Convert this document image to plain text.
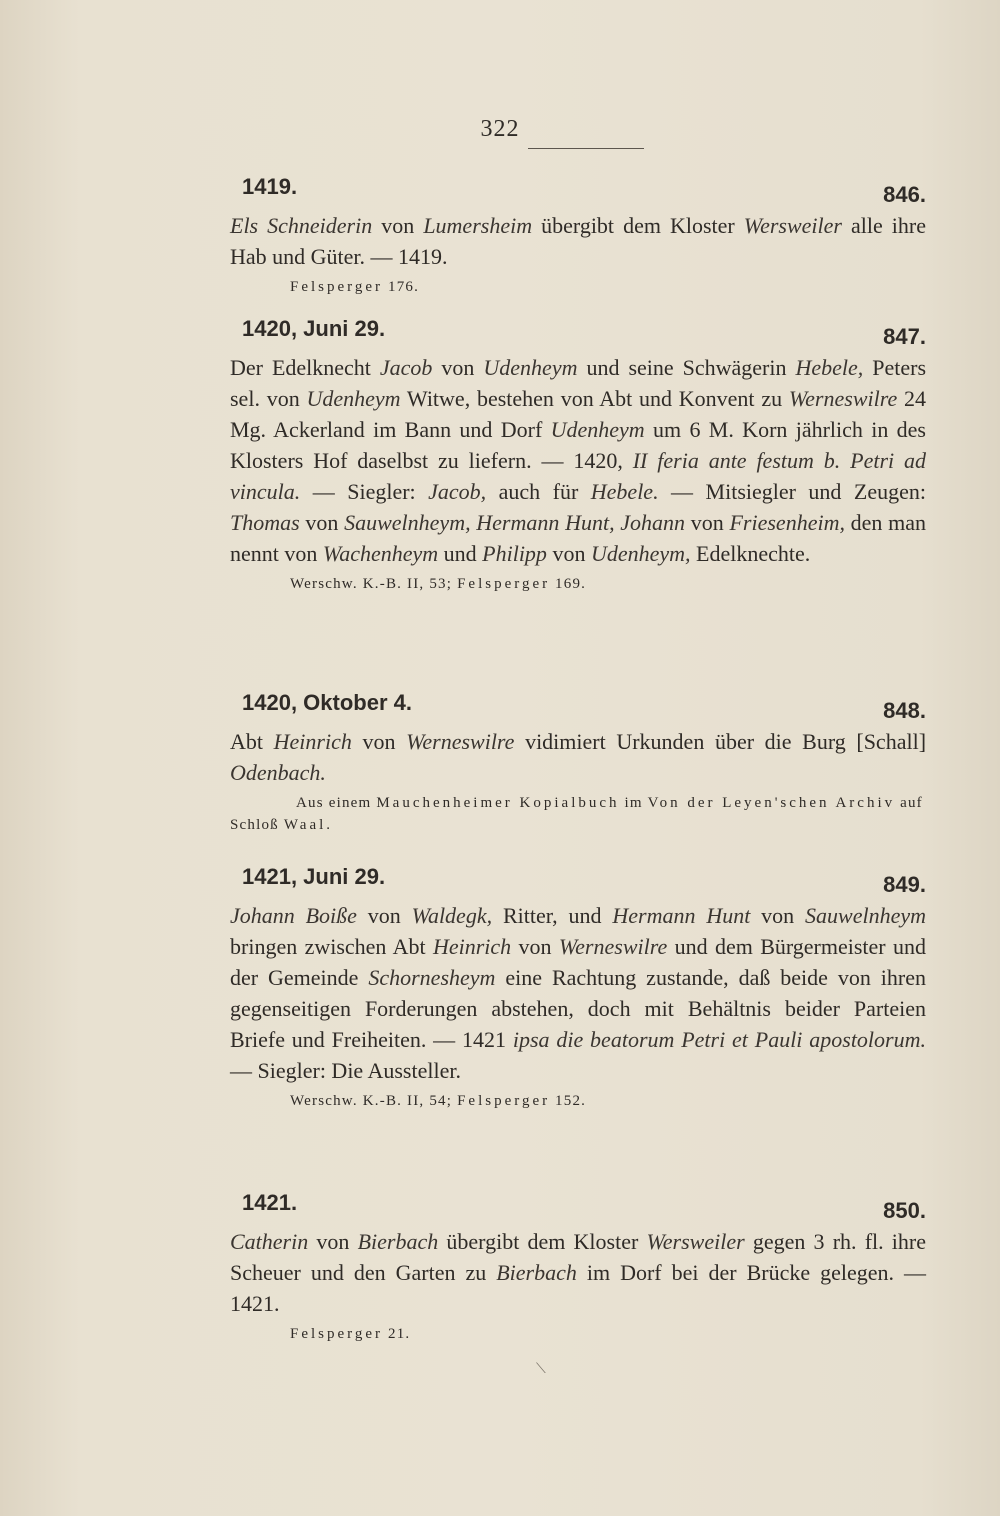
322
1419.	846.
Els Schneiderin von Lumersheim übergibt dem Kloster Wersweiler alle ihre Hab und Güter. — 1419.
Felsperger 176.
1420, Juni 29.	847.
Der Edelknecht Jacob von Udenheym und seine Schwägerin Hebele, Peters sel. von Udenheym Witwe, bestehen von Abt und Konvent zu Werneswilre 24 Mg. Ackerland im Bann und Dorf Udenheym um 6 M. Korn jährlich in des Klosters Hof daselbst zu liefern. — 1420, II feria ante festum b. Petri ad vincula. — Siegler: Jacob, auch für Hebele. — Mitsiegler und Zeugen: Thomas von Sauwelnheym, Hermann Hunt, Johann von Friesenheim, den man nennt von Wachenheym und Philipp von Udenheym, Edelknechte.
Werschw. K.-B. II, 53; Felsperger 169.
1420, Oktober 4.	848.
Abt Heinrich von Werneswilre vidimiert Urkunden über die Burg [Schall] Odenbach.
Aus einem Mauchenheimer Kopialbuch im Von der Leyen'schen Archiv auf Schloß Waal.
1421, Juni 29.	849.
Johann Boiße von Waldegk, Ritter, und Hermann Hunt von Sauwelnheym bringen zwischen Abt Heinrich von Werneswilre und dem Bürgermeister und der Gemeinde Schornesheym eine Rachtung zustande, daß beide von ihren gegenseitigen Forderungen abstehen, doch mit Behältnis beider Parteien Briefe und Freiheiten. — 1421 ipsa die beatorum Petri et Pauli apostolorum. — Siegler: Die Aussteller.
Werschw. K.-B. II, 54; Felsperger 152.
1421.	850.
Catherin von Bierbach übergibt dem Kloster Wersweiler gegen 3 rh. fl. ihre Scheuer und den Garten zu Bierbach im Dorf bei der Brücke gelegen. — 1421.
Felsperger 21.
⟍
